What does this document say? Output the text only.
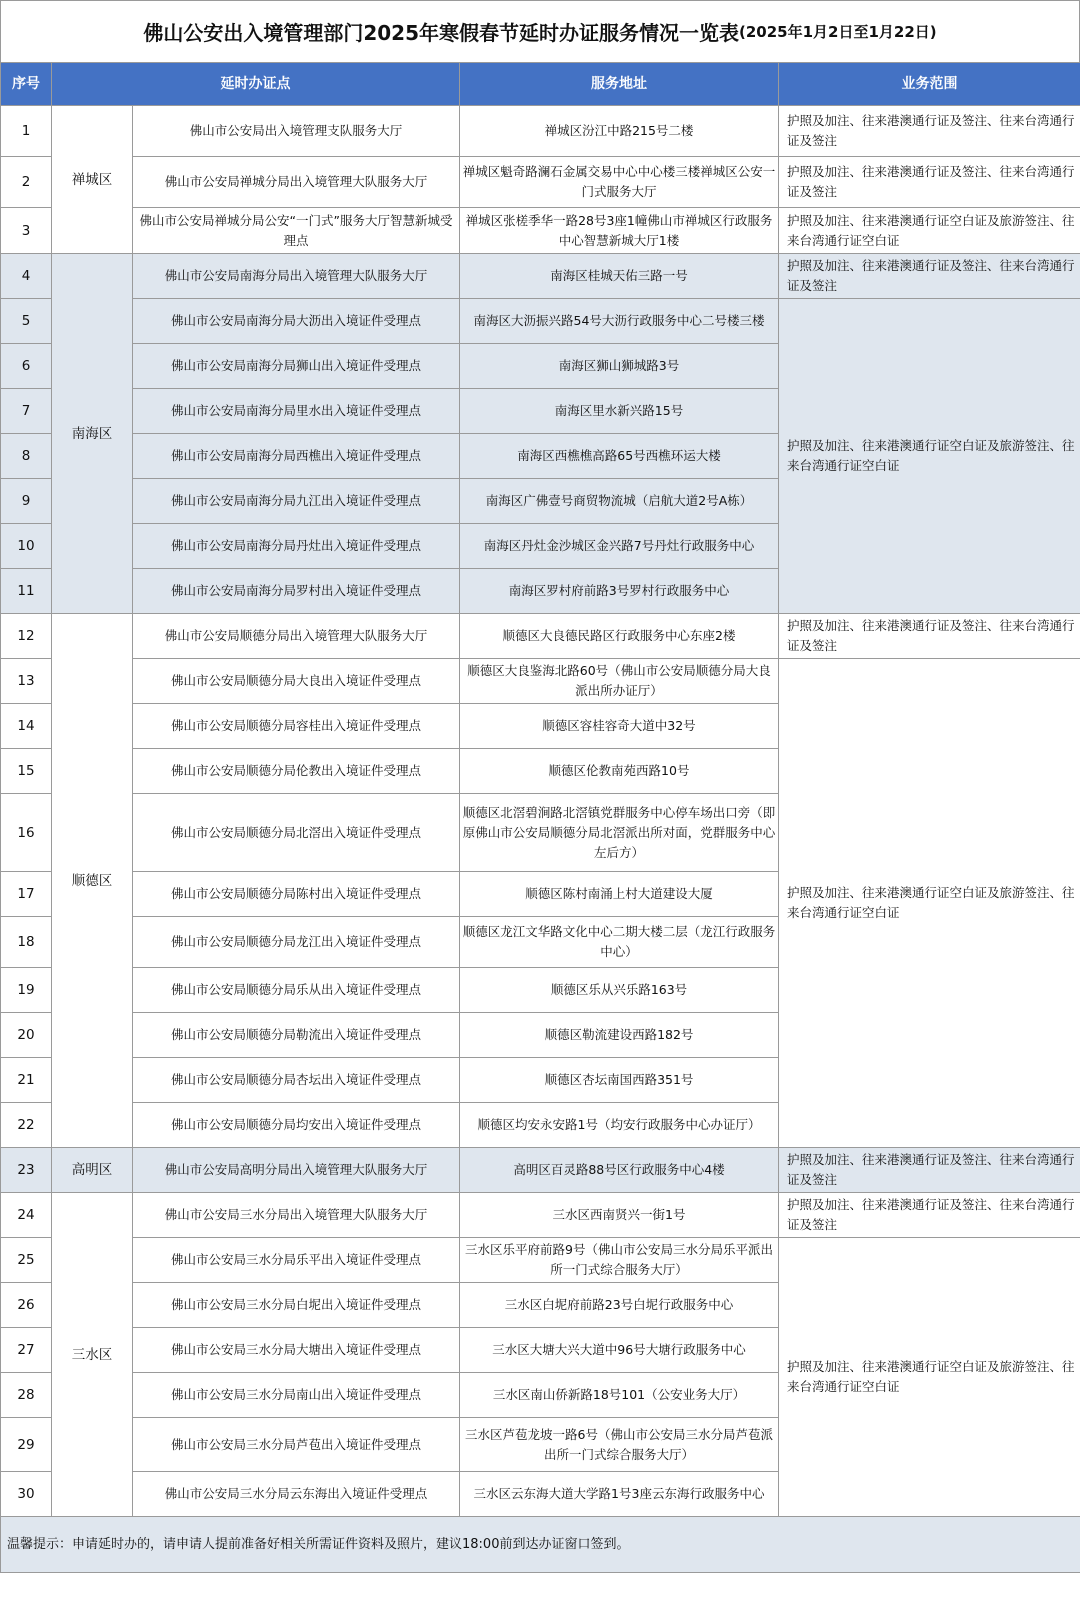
佛山公安出入境管理部门2025年寒假春节延时办证服务情况一览表 (2025年1月2日至1月22日)
序号	延时办证点		服务地址	业务范围
1	禅城区	佛山市公安局出入境管理支队服务大厅	禅城区汾江中路215号二楼	护照及加注、往来港澳通行证及签注、往来台湾通行证及签注
2		佛山市公安局禅城分局出入境管理大队服务大厅	禅城区魁奇路澜石金属交易中心中心楼三楼禅城区公安一门式服务大厅	护照及加注、往来港澳通行证及签注、往来台湾通行证及签注
3		佛山市公安局禅城分局公安“一门式”服务大厅智慧新城受理点	禅城区张槎季华一路28号3座1幢佛山市禅城区行政服务中心智慧新城大厅1楼	护照及加注、往来港澳通行证空白证及旅游签注、往来台湾通行证空白证
4	南海区	佛山市公安局南海分局出入境管理大队服务大厅	南海区桂城天佑三路一号	护照及加注、往来港澳通行证及签注、往来台湾通行证及签注
5		佛山市公安局南海分局大沥出入境证件受理点	南海区大沥振兴路54号大沥行政服务中心二号楼三楼	护照及加注、往来港澳通行证空白证及旅游签注、往来台湾通行证空白证
6		佛山市公安局南海分局狮山出入境证件受理点	南海区狮山狮城路3号	
7		佛山市公安局南海分局里水出入境证件受理点	南海区里水新兴路15号	
8		佛山市公安局南海分局西樵出入境证件受理点	南海区西樵樵高路65号西樵环运大楼	
9		佛山市公安局南海分局九江出入境证件受理点	南海区广佛壹号商贸物流城（启航大道2号A栋）	
10		佛山市公安局南海分局丹灶出入境证件受理点	南海区丹灶金沙城区金兴路7号丹灶行政服务中心	
11		佛山市公安局南海分局罗村出入境证件受理点	南海区罗村府前路3号罗村行政服务中心	
12	顺德区	佛山市公安局顺德分局出入境管理大队服务大厅	顺德区大良德民路区行政服务中心东座2楼	护照及加注、往来港澳通行证及签注、往来台湾通行证及签注
13		佛山市公安局顺德分局大良出入境证件受理点	顺德区大良鉴海北路60号（佛山市公安局顺德分局大良派出所办证厅）	护照及加注、往来港澳通行证空白证及旅游签注、往来台湾通行证空白证
14		佛山市公安局顺德分局容桂出入境证件受理点	顺德区容桂容奇大道中32号	
15		佛山市公安局顺德分局伦教出入境证件受理点	顺德区伦教南苑西路10号	
16		佛山市公安局顺德分局北滘出入境证件受理点	顺德区北滘碧涧路北滘镇党群服务中心停车场出口旁（即原佛山市公安局顺德分局北滘派出所对面，党群服务中心左后方）	
17		佛山市公安局顺德分局陈村出入境证件受理点	顺德区陈村南涌上村大道建设大厦	
18		佛山市公安局顺德分局龙江出入境证件受理点	顺德区龙江文华路文化中心二期大楼二层（龙江行政服务中心）	
19		佛山市公安局顺德分局乐从出入境证件受理点	顺德区乐从兴乐路163号	
20		佛山市公安局顺德分局勒流出入境证件受理点	顺德区勒流建设西路182号	
21		佛山市公安局顺德分局杏坛出入境证件受理点	顺德区杏坛南国西路351号	
22		佛山市公安局顺德分局均安出入境证件受理点	顺德区均安永安路1号（均安行政服务中心办证厅）	
23	高明区	佛山市公安局高明分局出入境管理大队服务大厅	高明区百灵路88号区行政服务中心4楼	护照及加注、往来港澳通行证及签注、往来台湾通行证及签注
24	三水区	佛山市公安局三水分局出入境管理大队服务大厅	三水区西南贤兴一街1号	护照及加注、往来港澳通行证及签注、往来台湾通行证及签注
25		佛山市公安局三水分局乐平出入境证件受理点	三水区乐平府前路9号（佛山市公安局三水分局乐平派出所一门式综合服务大厅）	护照及加注、往来港澳通行证空白证及旅游签注、往来台湾通行证空白证
26		佛山市公安局三水分局白坭出入境证件受理点	三水区白坭府前路23号白坭行政服务中心	
27		佛山市公安局三水分局大塘出入境证件受理点	三水区大塘大兴大道中96号大塘行政服务中心	
28		佛山市公安局三水分局南山出入境证件受理点	三水区南山侨新路18号101（公安业务大厅）	
29		佛山市公安局三水分局芦苞出入境证件受理点	三水区芦苞龙坡一路6号（佛山市公安局三水分局芦苞派出所一门式综合服务大厅）	
30		佛山市公安局三水分局云东海出入境证件受理点	三水区云东海大道大学路1号3座云东海行政服务中心	
温馨提示：申请延时办的，请申请人提前准备好相关所需证件资料及照片，建议18:00前到达办证窗口签到。				
